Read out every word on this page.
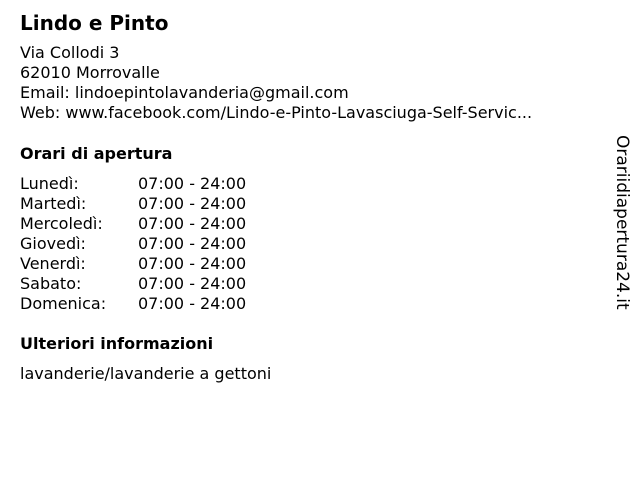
Lindo e Pinto
Via Collodi 3
62010 Morrovalle
Email: lindoepintolavanderia@gmail.com
Web: www.facebook.com/Lindo-e-Pinto-Lavasciuga-Self-Servic...
Orari di apertura
Lunedì:	07:00 - 24:00
Martedì:	07:00 - 24:00
Mercoledì:	07:00 - 24:00
Giovedì:	07:00 - 24:00
Venerdì:	07:00 - 24:00
Sabato:	07:00 - 24:00
Domenica:	07:00 - 24:00
Ulteriori informazioni
lavanderie/lavanderie a gettoni
Orariidiapertura24.it
